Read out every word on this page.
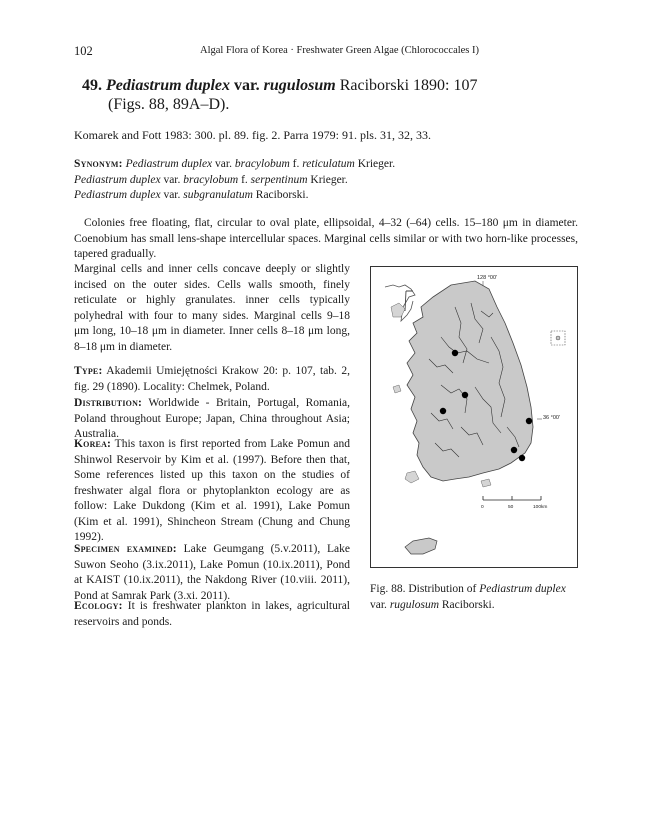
102	Algal Flora of Korea · Freshwater Green Algae (Chlorococcales I)
49. Pediastrum duplex var. rugulosum Raciborski 1890: 107
(Figs. 88, 89A–D).
Komarek and Fott 1983: 300. pl. 89. fig. 2. Parra 1979: 91. pls. 31, 32, 33.
Synonym: Pediastrum duplex var. bracylobum f. reticulatum Krieger.
Pediastrum duplex var. bracylobum f. serpentinum Krieger.
Pediastrum duplex var. subgranulatum Raciborski.
Colonies free floating, flat, circular to oval plate, ellipsoidal, 4–32 (–64) cells. 15–180 μm in diameter. Coenobium has small lens-shape intercellular spaces. Marginal cells similar or with two horn-like processes, tapered gradually.
Marginal cells and inner cells concave deeply or slightly incised on the outer sides. Cells walls smooth, finely reticulate or highly granulates. inner cells typically polyhedral with four to many sides. Marginal cells 9–18 μm long, 10–18 μm in diameter. Inner cells 8–18 μm long, 8–18 μm in diameter.
Type: Akademii Umiejętności Krakow 20: p. 107, tab. 2, fig. 29 (1890). Locality: Chelmek, Poland.
Distribution: Worldwide - Britain, Portugal, Romania, Poland throughout Europe; Japan, China throughout Asia; Australia.
Korea: This taxon is first reported from Lake Pomun and Shinwol Reservoir by Kim et al. (1997). Before then that, Some references listed up this taxon on the studies of freshwater algal flora or phytoplankton ecology are as follow: Lake Dukdong (Kim et al. 1991), Lake Pomun (Kim et al. 1991), Shincheon Stream (Chung and Chung 1992).
Specimen examined: Lake Geumgang (5.v.2011), Lake Suwon Seoho (3.ix.2011), Lake Pomun (10.ix.2011), Pond at KAIST (10.ix.2011), the Nakdong River (10.viii. 2011), Pond at Samrak Park (3.xi. 2011).
Ecology: It is freshwater plankton in lakes, agricultural reservoirs and ponds.
128 °00'
36 °00'
0	50	100km
Fig. 88. Distribution of Pediastrum duplex var. rugulosum Raciborski.
